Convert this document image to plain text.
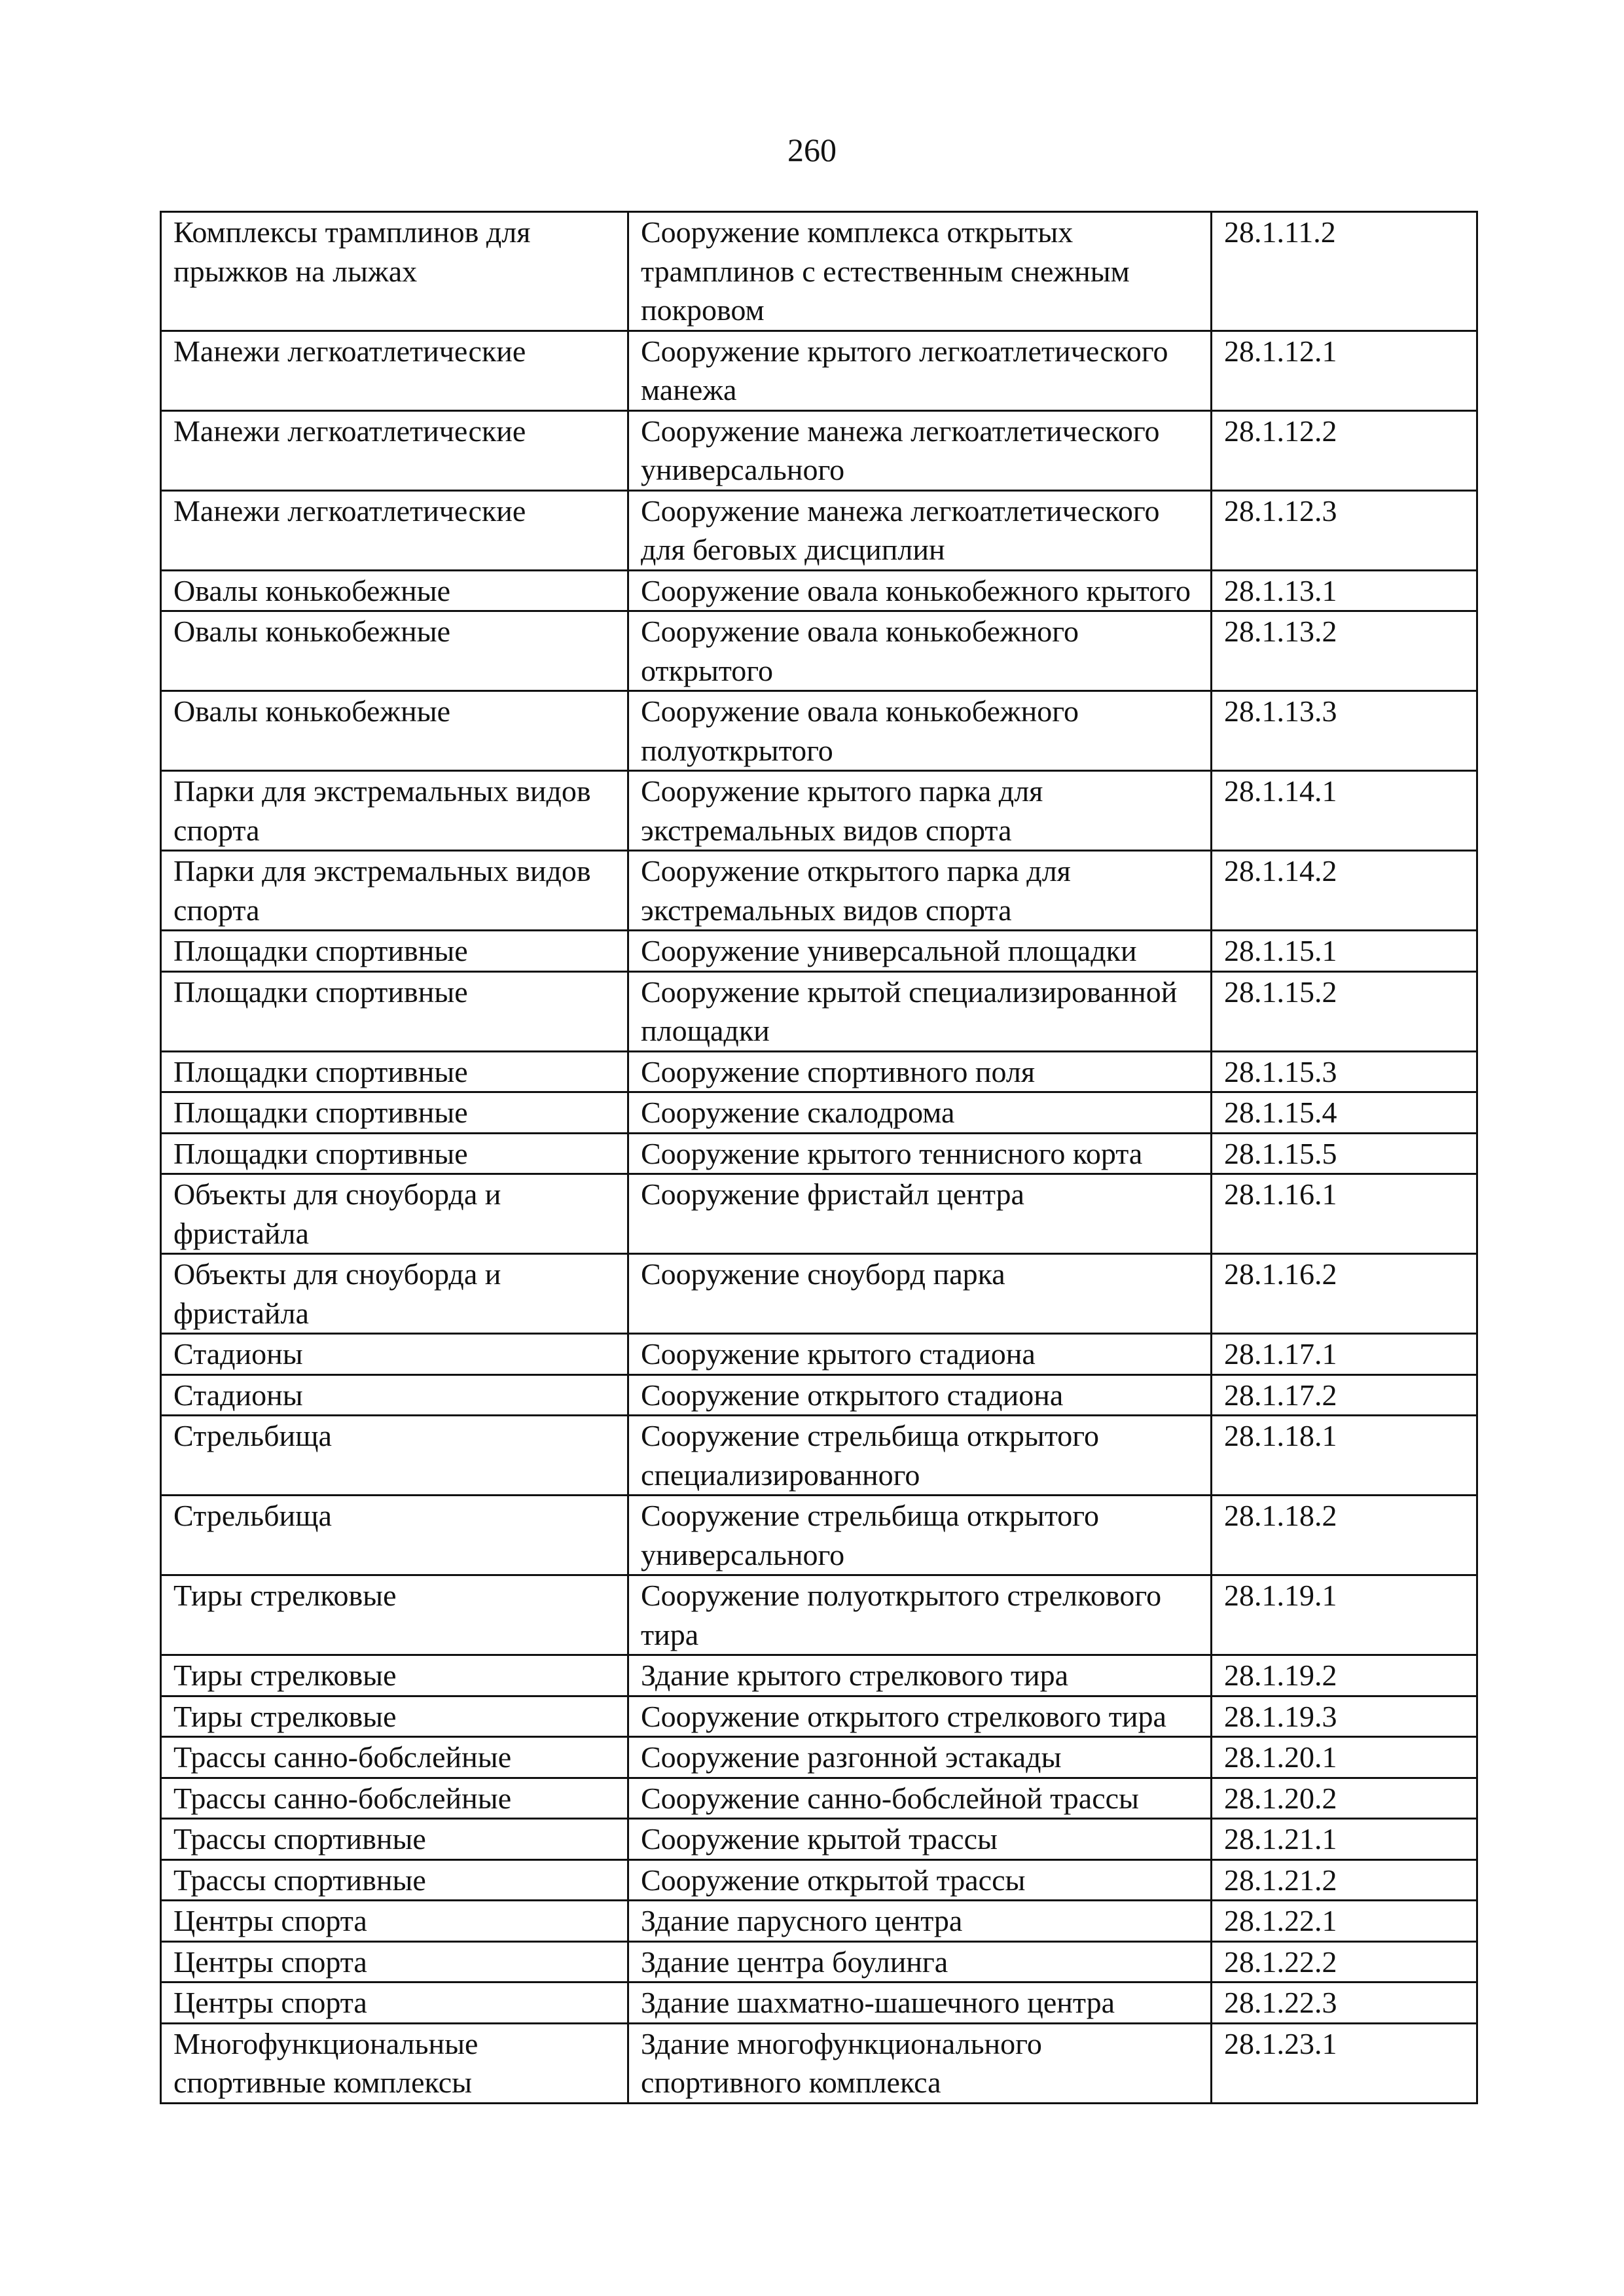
260
Комплексы трамплинов для прыжков на лыжах	Сооружение комплекса открытых трамплинов с естественным снежным покровом	28.1.11.2
Манежи легкоатлетические	Сооружение крытого легкоатлетического манежа	28.1.12.1
Манежи легкоатлетические	Сооружение манежа легкоатлетического универсального	28.1.12.2
Манежи легкоатлетические	Сооружение манежа легкоатлетического для беговых дисциплин	28.1.12.3
Овалы конькобежные	Сооружение овала конькобежного крытого	28.1.13.1
Овалы конькобежные	Сооружение овала конькобежного открытого	28.1.13.2
Овалы конькобежные	Сооружение овала конькобежного полуоткрытого	28.1.13.3
Парки для экстремальных видов спорта	Сооружение крытого парка для экстремальных видов спорта	28.1.14.1
Парки для экстремальных видов спорта	Сооружение открытого парка для экстремальных видов спорта	28.1.14.2
Площадки спортивные	Сооружение универсальной площадки	28.1.15.1
Площадки спортивные	Сооружение крытой специализированной площадки	28.1.15.2
Площадки спортивные	Сооружение спортивного поля	28.1.15.3
Площадки спортивные	Сооружение скалодрома	28.1.15.4
Площадки спортивные	Сооружение крытого теннисного корта	28.1.15.5
Объекты для сноуборда и фристайла	Сооружение фристайл центра	28.1.16.1
Объекты для сноуборда и фристайла	Сооружение сноуборд парка	28.1.16.2
Стадионы	Сооружение крытого стадиона	28.1.17.1
Стадионы	Сооружение открытого стадиона	28.1.17.2
Стрельбища	Сооружение стрельбища открытого специализированного	28.1.18.1
Стрельбища	Сооружение стрельбища открытого универсального	28.1.18.2
Тиры стрелковые	Сооружение полуоткрытого стрелкового тира	28.1.19.1
Тиры стрелковые	Здание крытого стрелкового тира	28.1.19.2
Тиры стрелковые	Сооружение открытого стрелкового тира	28.1.19.3
Трассы санно-бобслейные	Сооружение разгонной эстакады	28.1.20.1
Трассы санно-бобслейные	Сооружение санно-бобслейной трассы	28.1.20.2
Трассы спортивные	Сооружение крытой трассы	28.1.21.1
Трассы спортивные	Сооружение открытой трассы	28.1.21.2
Центры спорта	Здание парусного центра	28.1.22.1
Центры спорта	Здание центра боулинга	28.1.22.2
Центры спорта	Здание шахматно-шашечного центра	28.1.22.3
Многофункциональные спортивные комплексы	Здание многофункционального спортивного комплекса	28.1.23.1
